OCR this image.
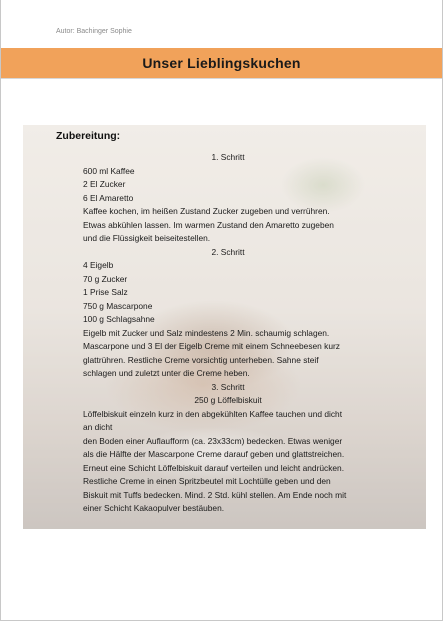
Autor: Bachinger Sophie
Unser Lieblingskuchen
Zubereitung:
1. Schritt
600 ml Kaffee
2 El Zucker
6 El Amaretto
Kaffee kochen, im heißen Zustand Zucker zugeben und verrühren.
Etwas abkühlen lassen. Im warmen Zustand den Amaretto zugeben
und die Flüssigkeit beiseitestellen.
2. Schritt
4 Eigelb
70 g Zucker
1 Prise Salz
750 g Mascarpone
100 g Schlagsahne
Eigelb mit Zucker und Salz mindestens 2 Min. schaumig schlagen.
Mascarpone und 3 El der Eigelb Creme mit einem Schneebesen kurz
glattrühren. Restliche Creme vorsichtig unterheben. Sahne steif
schlagen und zuletzt unter die Creme heben.
3. Schritt
250 g Löffelbiskuit
Löffelbiskuit einzeln kurz in den abgekühlten Kaffee tauchen und dicht
an dicht
den Boden einer Auflaufform (ca. 23x33cm) bedecken. Etwas weniger
als die Hälfte der Mascarpone Creme darauf geben und glattstreichen.
Erneut eine Schicht Löffelbiskuit darauf verteilen und leicht andrücken.
Restliche Creme in einen Spritzbeutel mit Lochtülle geben und den
Biskuit mit Tuffs bedecken. Mind. 2 Std. kühl stellen. Am Ende noch mit
einer Schicht Kakaopulver bestäuben.
